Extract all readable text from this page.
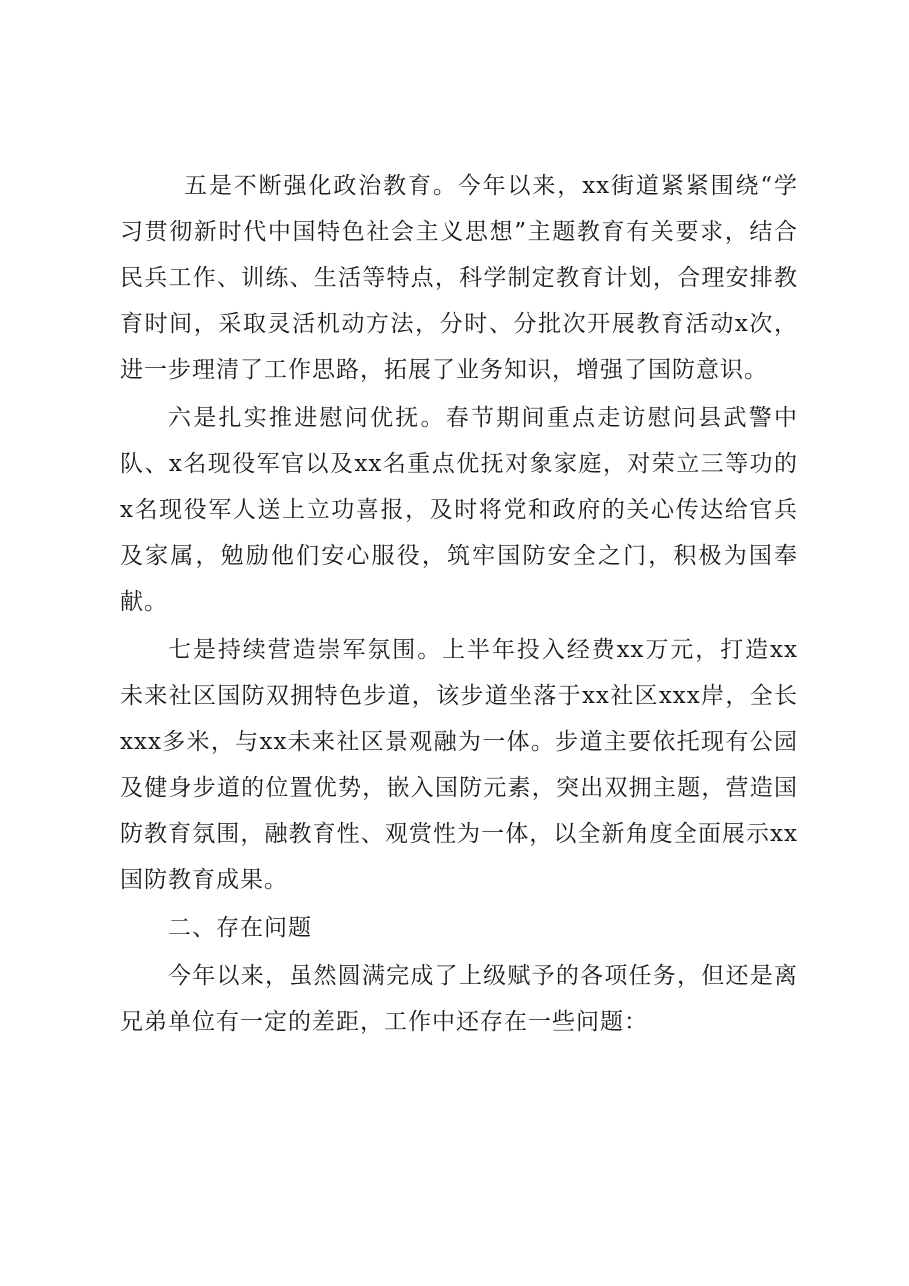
五是不断强化政治教育。今年以来，xx街道紧紧围绕“学习贯彻新时代中国特色社会主义思想”主题教育有关要求，结合民兵工作、训练、生活等特点，科学制定教育计划，合理安排教育时间，采取灵活机动方法，分时、分批次开展教育活动x次，进一步理清了工作思路，拓展了业务知识，增强了国防意识。

六是扎实推进慰问优抚。春节期间重点走访慰问县武警中队、x名现役军官以及xx名重点优抚对象家庭，对荣立三等功的x名现役军人送上立功喜报，及时将党和政府的关心传达给官兵及家属，勉励他们安心服役，筑牢国防安全之门，积极为国奉献。

七是持续营造崇军氛围。上半年投入经费xx万元，打造xx未来社区国防双拥特色步道，该步道坐落于xx社区xxx岸，全长xxx多米，与xx未来社区景观融为一体。步道主要依托现有公园及健身步道的位置优势，嵌入国防元素，突出双拥主题，营造国防教育氛围，融教育性、观赏性为一体，以全新角度全面展示xx国防教育成果。

二、存在问题

今年以来，虽然圆满完成了上级赋予的各项任务，但还是离兄弟单位有一定的差距，工作中还存在一些问题：
